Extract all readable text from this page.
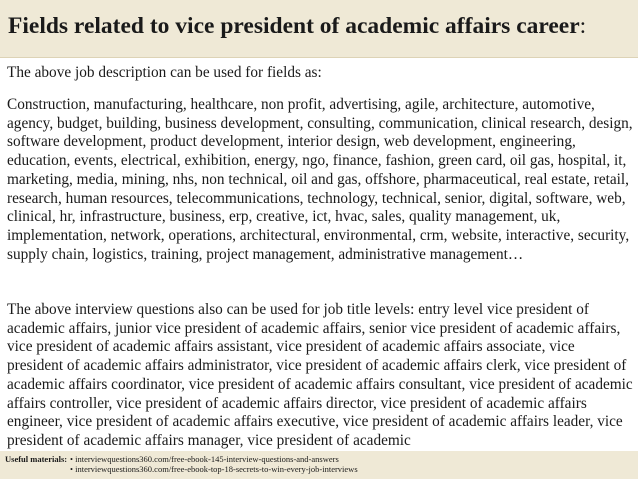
Fields related to vice president of academic affairs career:

The above job description can be used for fields as:

Construction, manufacturing, healthcare, non profit, advertising, agile, architecture, automotive, agency, budget, building, business development, consulting, communication, clinical research, design, software development, product development, interior design, web development, engineering, education, events, electrical, exhibition, energy, ngo, finance, fashion, green card, oil gas, hospital, it, marketing, media, mining, nhs, non technical, oil and gas, offshore, pharmaceutical, real estate, retail, research, human resources, telecommunications, technology, technical, senior, digital, software, web, clinical, hr, infrastructure, business, erp, creative, ict, hvac, sales, quality management, uk, implementation, network, operations, architectural, environmental, crm, website, interactive, security, supply chain, logistics, training, project management, administrative management…

The above interview questions also can be used for job title levels: entry level vice president of academic affairs, junior vice president of academic affairs, senior vice president of academic affairs, vice president of academic affairs assistant, vice president of academic affairs associate, vice president of academic affairs administrator, vice president of academic affairs clerk, vice president of academic affairs coordinator, vice president of academic affairs consultant, vice president of academic affairs controller, vice president of academic affairs director, vice president of academic affairs engineer, vice president of academic affairs executive, vice president of academic affairs leader, vice president of academic affairs manager, vice president of academic

Useful materials: • interviewquestions360.com/free-ebook-145-interview-questions-and-answers
• interviewquestions360.com/free-ebook-top-18-secrets-to-win-every-job-interviews
